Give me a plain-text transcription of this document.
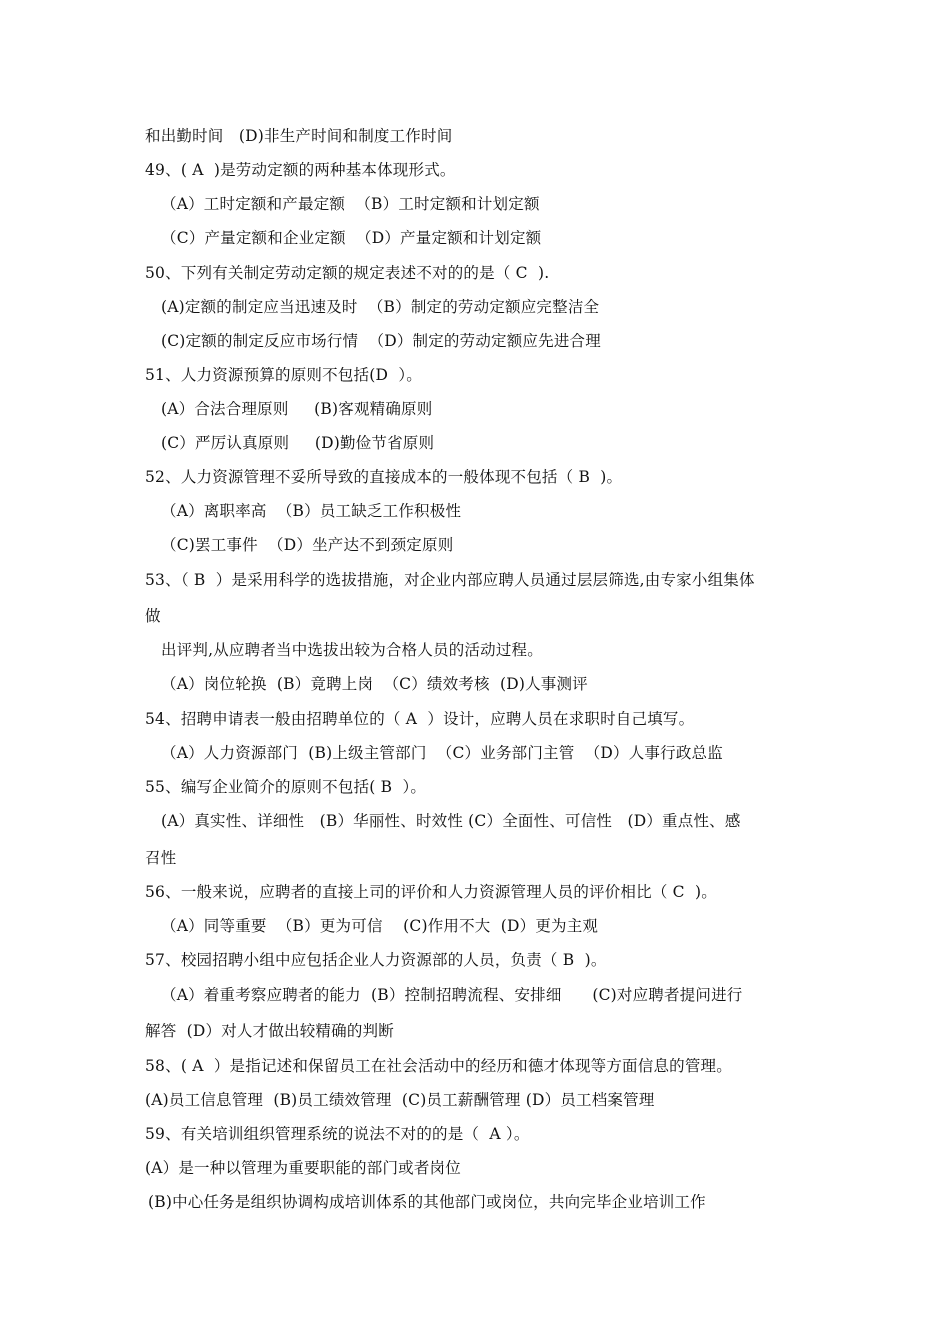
和出勤时间   (D)非生产时间和制度工作时间
49、( A  )是劳动定额的两种基本体现形式。
（A）工时定额和产最定额  （B）工时定额和计划定额
（C）产量定额和企业定额  （D）产量定额和计划定额
50、下列有关制定劳动定额的规定表述不对的的是（ C  ).
(A)定额的制定应当迅速及时  （B）制定的劳动定额应完整洁全
(C)定额的制定反应市场行情  （D）制定的劳动定额应先进合理
51、人力资源预算的原则不包括(D  ）。
(A）合法合理原则     (B)客观精确原则
(C）严厉认真原则     (D)勤俭节省原则
52、人力资源管理不妥所导致的直接成本的一般体现不包括（ B  )。
（A）离职率高  （B）员工缺乏工作积极性
（C)罢工事件  （D）坐产达不到颈定原则
53、（ B  ）是采用科学的选拔措施，对企业内部应聘人员通过层层筛选,由专家小组集体
做
出评判,从应聘者当中选拔出较为合格人员的活动过程。
（A）岗位轮换  (B）竟聘上岗  （C）绩效考核  (D)人事测评
54、招聘申请表一般由招聘单位的（ A  ）设计，应聘人员在求职时自己填写。
（A）人力资源部门  (B)上级主管部门  （C）业务部门主管  （D）人事行政总监
55、编写企业简介的原则不包括( B  ）。
(A）真实性、详细性   (B）华丽性、时效性 (C）全面性、可信性   (D）重点性、感
召性
56、一般来说，应聘者的直接上司的评价和人力资源管理人员的评价相比（ C  )。
（A）同等重要  （B）更为可信    (C)作用不大  (D）更为主观
57、校园招聘小组中应包括企业人力资源部的人员，负责（ B  )。
（A）着重考察应聘者的能力  (B）控制招聘流程、安排细      (C)对应聘者提问进行
解答  (D）对人才做出较精确的判断
58、( A  ）是指记述和保留员工在社会活动中的经历和德才体现等方面信息的管理。
(A)员工信息管理  (B)员工绩效管理  (C)员工薪酬管理 (D）员工档案管理
59、有关培训组织管理系统的说法不对的的是（  A ）。
(A）是一种以管理为重要职能的部门或者岗位
(B)中心任务是组织协调构成培训体系的其他部门或岗位，共向完毕企业培训工作
